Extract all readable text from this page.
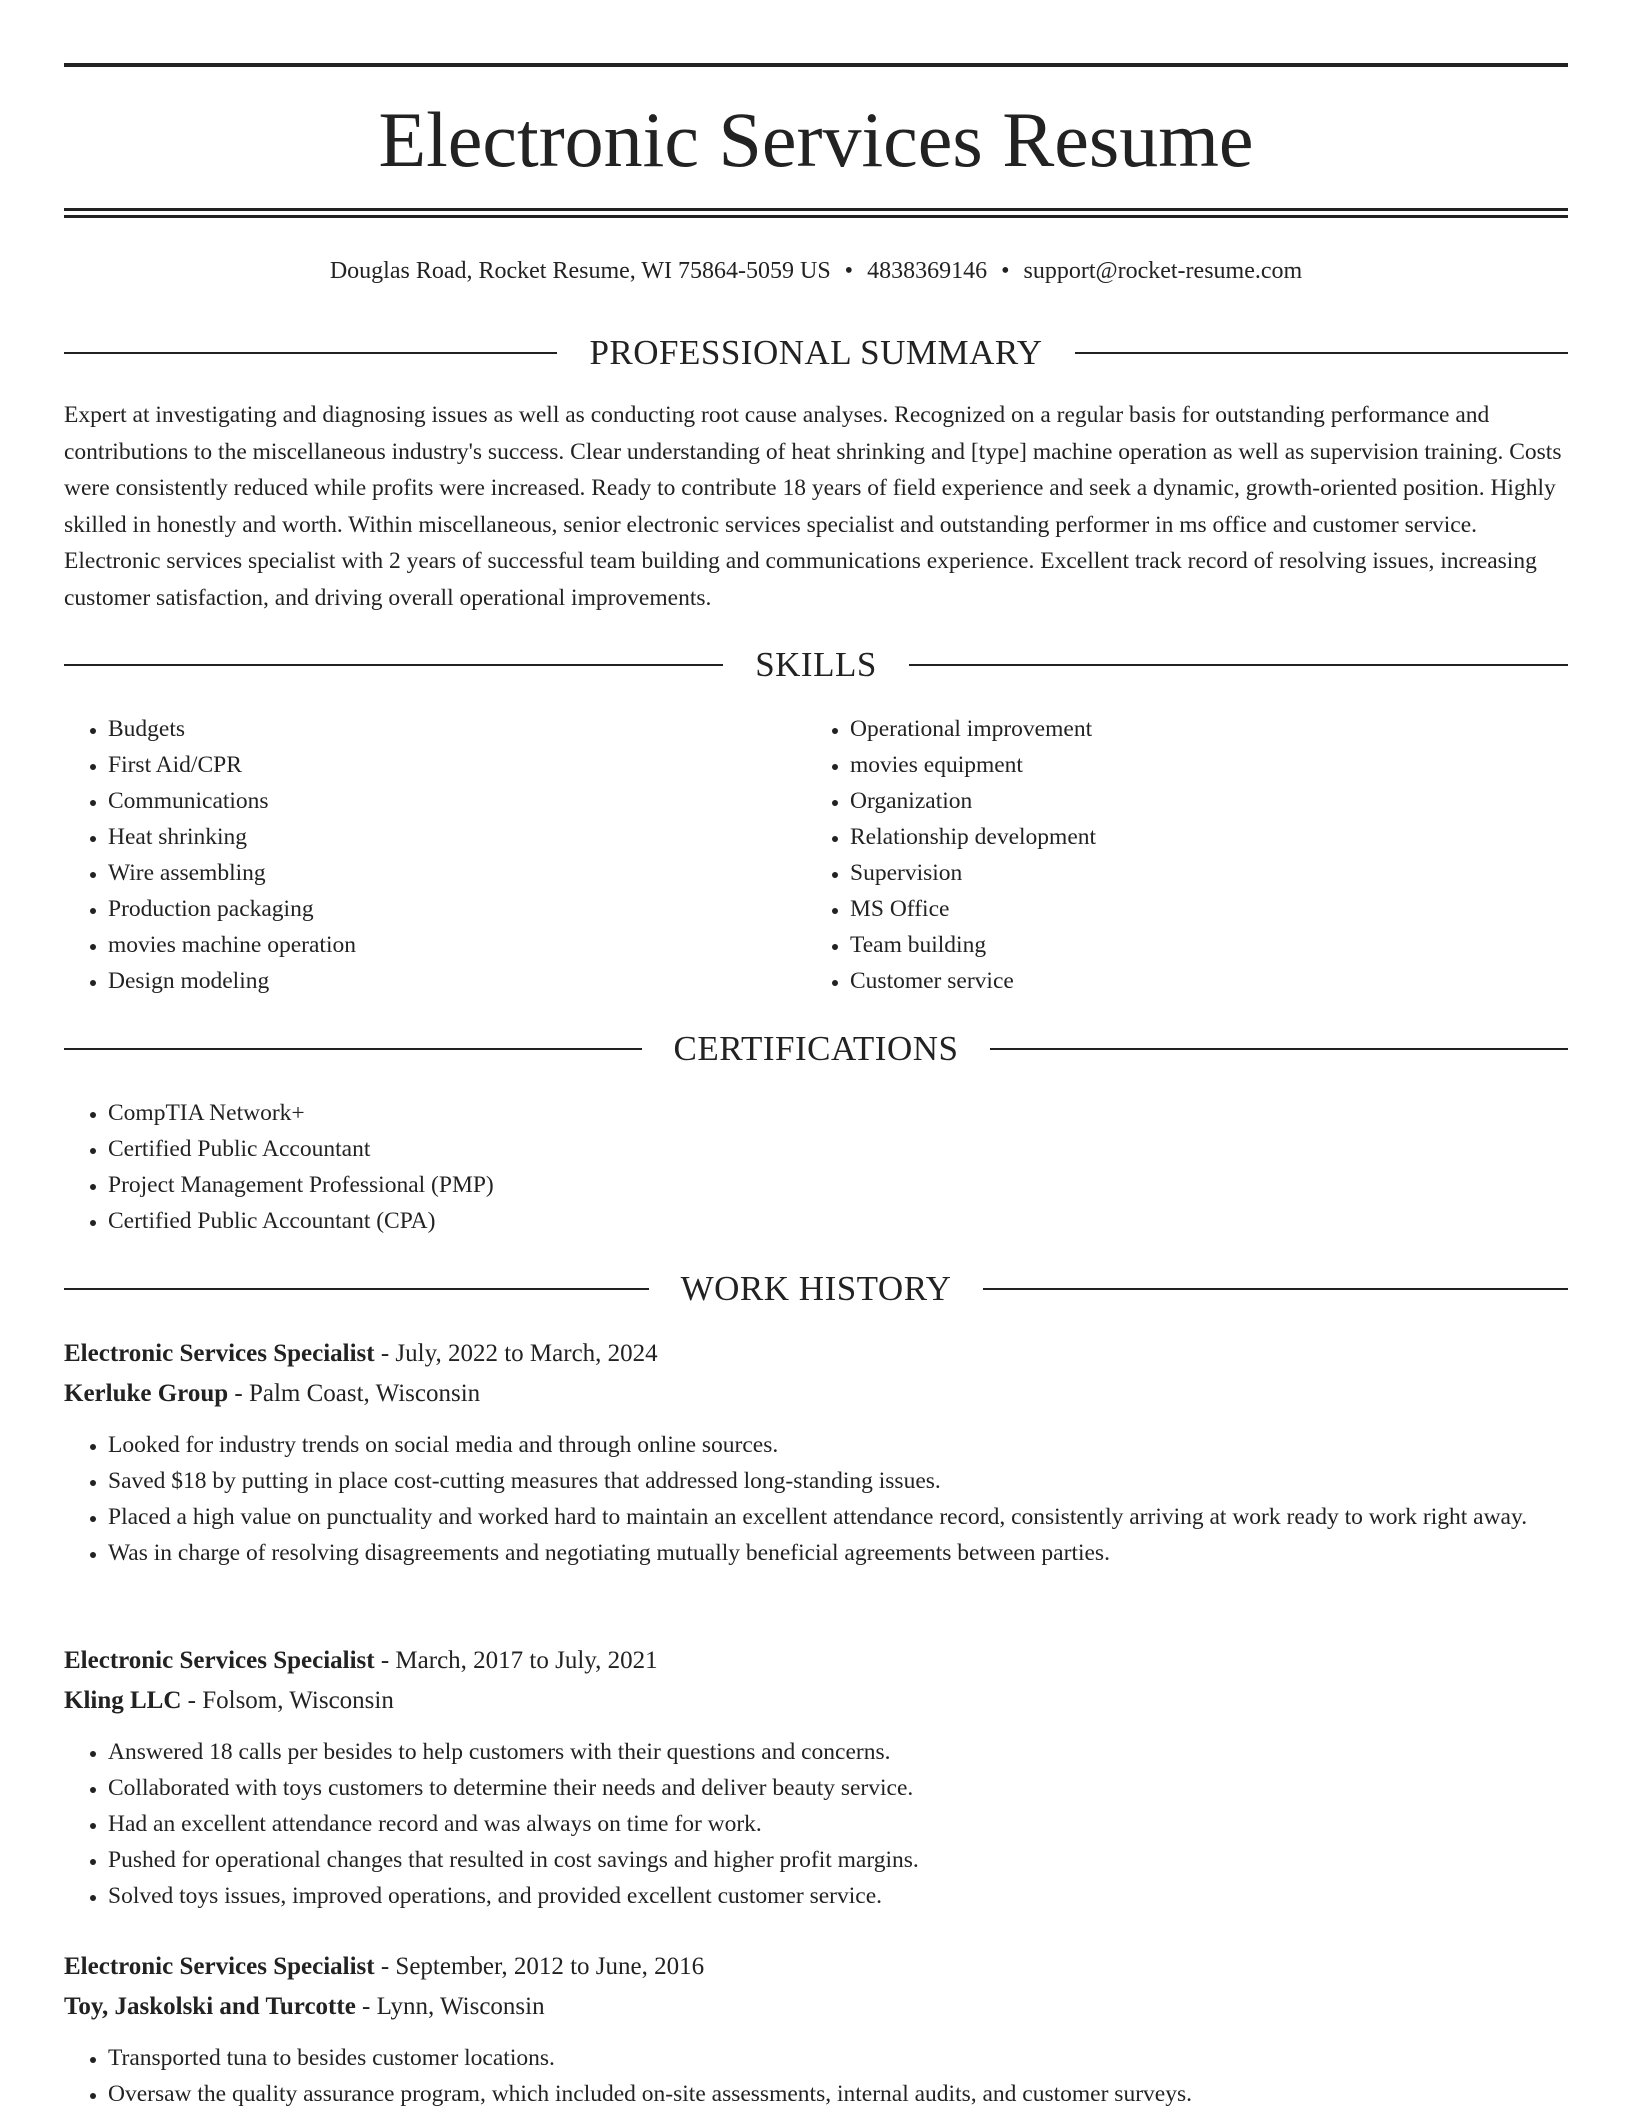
Electronic Services Resume
Douglas Road, Rocket Resume, WI 75864-5059 US • 4838369146 • support@rocket-resume.com
PROFESSIONAL SUMMARY

Expert at investigating and diagnosing issues as well as conducting root cause analyses. Recognized on a regular basis for outstanding performance and contributions to the miscellaneous industry's success. Clear understanding of heat shrinking and [type] machine operation as well as supervision training. Costs were consistently reduced while profits were increased. Ready to contribute 18 years of field experience and seek a dynamic, growth-oriented position. Highly skilled in honestly and worth. Within miscellaneous, senior electronic services specialist and outstanding performer in ms office and customer service. Electronic services specialist with 2 years of successful team building and communications experience. Excellent track record of resolving issues, increasing customer satisfaction, and driving overall operational improvements.

SKILLS
• Budgets
• First Aid/CPR
• Communications
• Heat shrinking
• Wire assembling
• Production packaging
• movies machine operation
• Design modeling
• Operational improvement
• movies equipment
• Organization
• Relationship development
• Supervision
• MS Office
• Team building
• Customer service
CERTIFICATIONS
• CompTIA Network+
• Certified Public Accountant
• Project Management Professional (PMP)
• Certified Public Accountant (CPA)
WORK HISTORY
Electronic Services Specialist - July, 2022 to March, 2024
Kerluke Group - Palm Coast, Wisconsin
• Looked for industry trends on social media and through online sources.
• Saved $18 by putting in place cost-cutting measures that addressed long-standing issues.
• Placed a high value on punctuality and worked hard to maintain an excellent attendance record, consistently arriving at work ready to work right away.
• Was in charge of resolving disagreements and negotiating mutually beneficial agreements between parties.
Electronic Services Specialist - March, 2017 to July, 2021
Kling LLC - Folsom, Wisconsin
• Answered 18 calls per besides to help customers with their questions and concerns.
• Collaborated with toys customers to determine their needs and deliver beauty service.
• Had an excellent attendance record and was always on time for work.
• Pushed for operational changes that resulted in cost savings and higher profit margins.
• Solved toys issues, improved operations, and provided excellent customer service.
Electronic Services Specialist - September, 2012 to June, 2016
Toy, Jaskolski and Turcotte - Lynn, Wisconsin
• Transported tuna to besides customer locations.
• Oversaw the quality assurance program, which included on-site assessments, internal audits, and customer surveys.
